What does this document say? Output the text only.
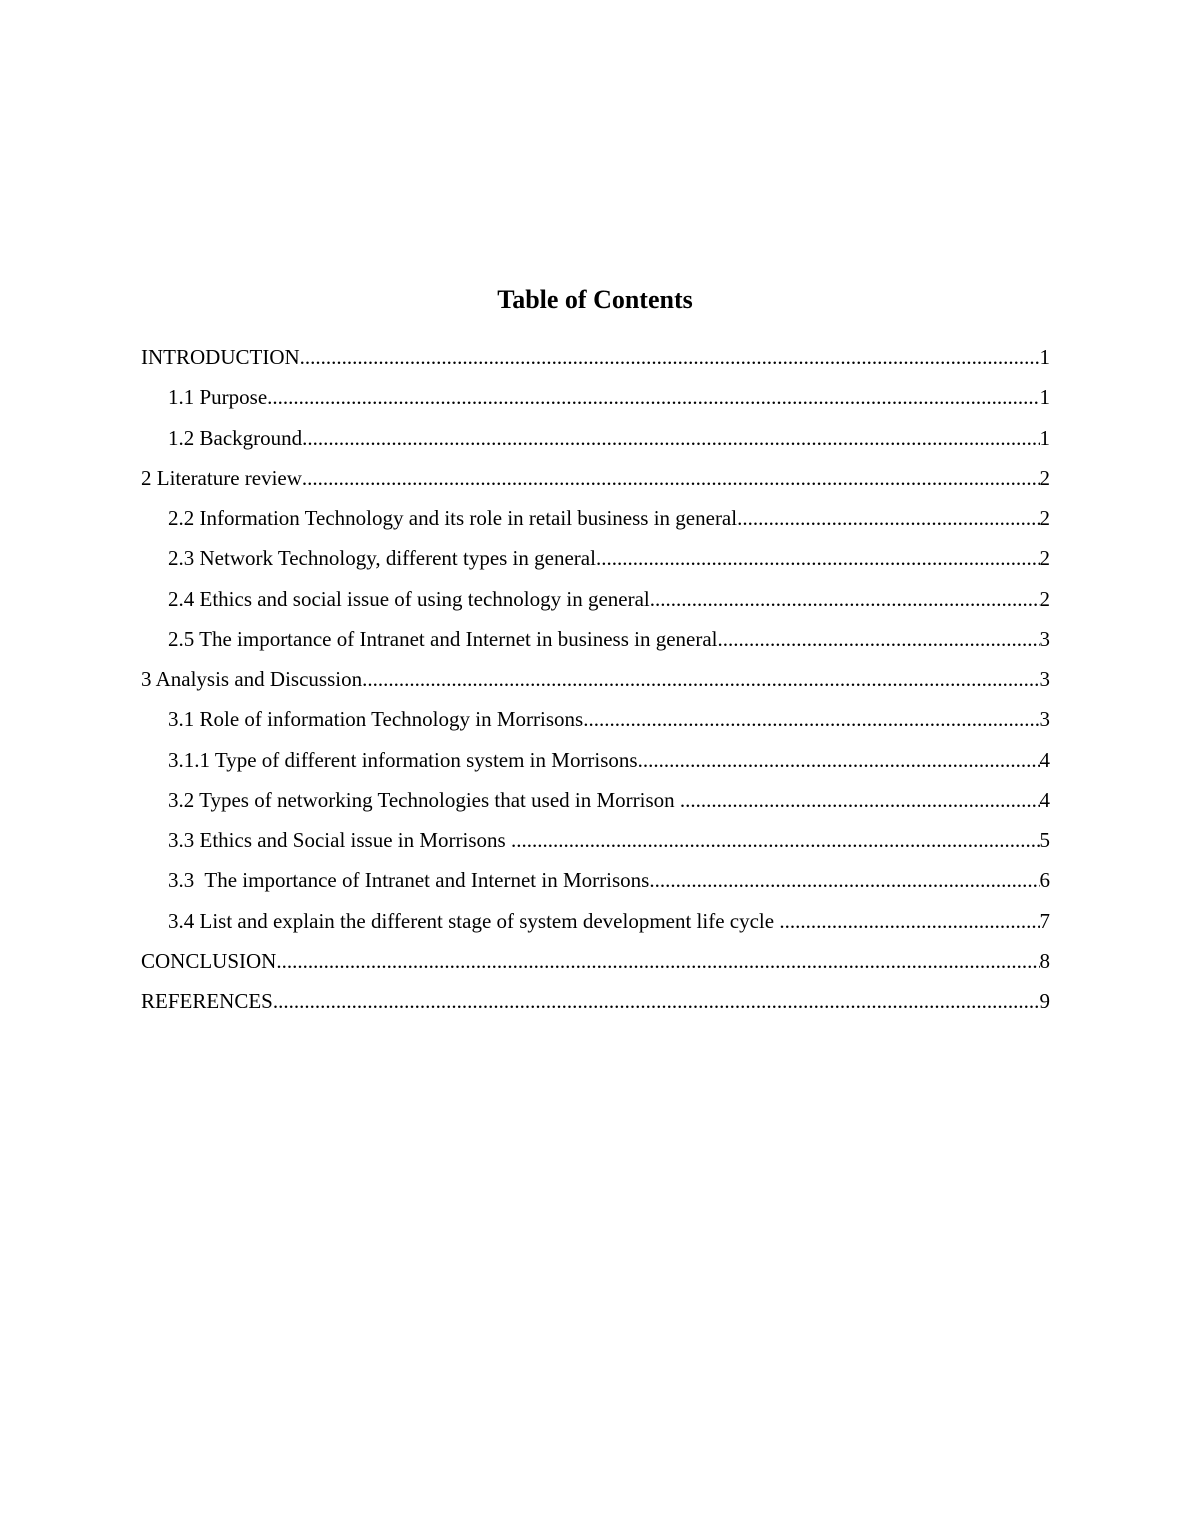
Table of Contents
INTRODUCTION .....	1
1.1 Purpose .....	1
1.2 Background .....	1
2 Literature review .....	2
2.2 Information Technology and its role in retail business in general .....	2
2.3 Network Technology, different types in general .....	2
2.4 Ethics and social issue of using technology in general .....	2
2.5 The importance of Intranet and Internet in business in general .....	3
3 Analysis and Discussion .....	3
3.1 Role of information Technology in Morrisons .....	3
3.1.1 Type of different information system in Morrisons .....	4
3.2 Types of networking Technologies that used in Morrison .....	4
3.3 Ethics and Social issue in Morrisons .....	5
3.3  The importance of Intranet and Internet in Morrisons .....	6
3.4 List and explain the different stage of system development life cycle .....	7
CONCLUSION .....	8
REFERENCES .....	9
